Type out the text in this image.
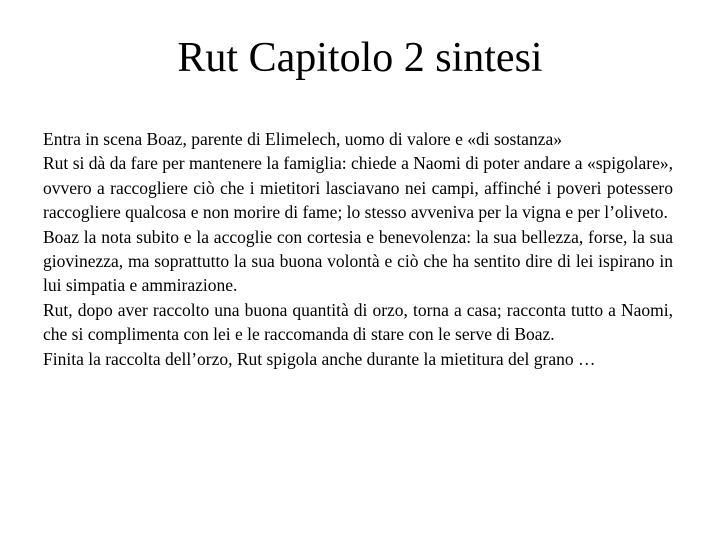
Rut Capitolo 2 sintesi

Entra in scena Boaz, parente di Elimelech, uomo di valore e «di sostanza»

Rut si dà da fare per mantenere la famiglia: chiede a Naomi di poter andare a «spigolare», ovvero a raccogliere ciò che i mietitori lasciavano nei campi, affinché i poveri potessero raccogliere qualcosa e non morire di fame; lo stesso avveniva per la vigna e per l’oliveto.

Boaz la nota subito e la accoglie con cortesia e benevolenza: la sua bellezza, forse, la sua giovinezza, ma soprattutto la sua buona volontà e ciò che ha sentito dire di lei ispirano in lui simpatia e ammirazione.

Rut, dopo aver raccolto una buona quantità di orzo, torna a casa; racconta tutto a Naomi, che si complimenta con lei e le raccomanda di stare con le serve di Boaz.

Finita la raccolta dell’orzo, Rut spigola anche durante la mietitura del grano …
